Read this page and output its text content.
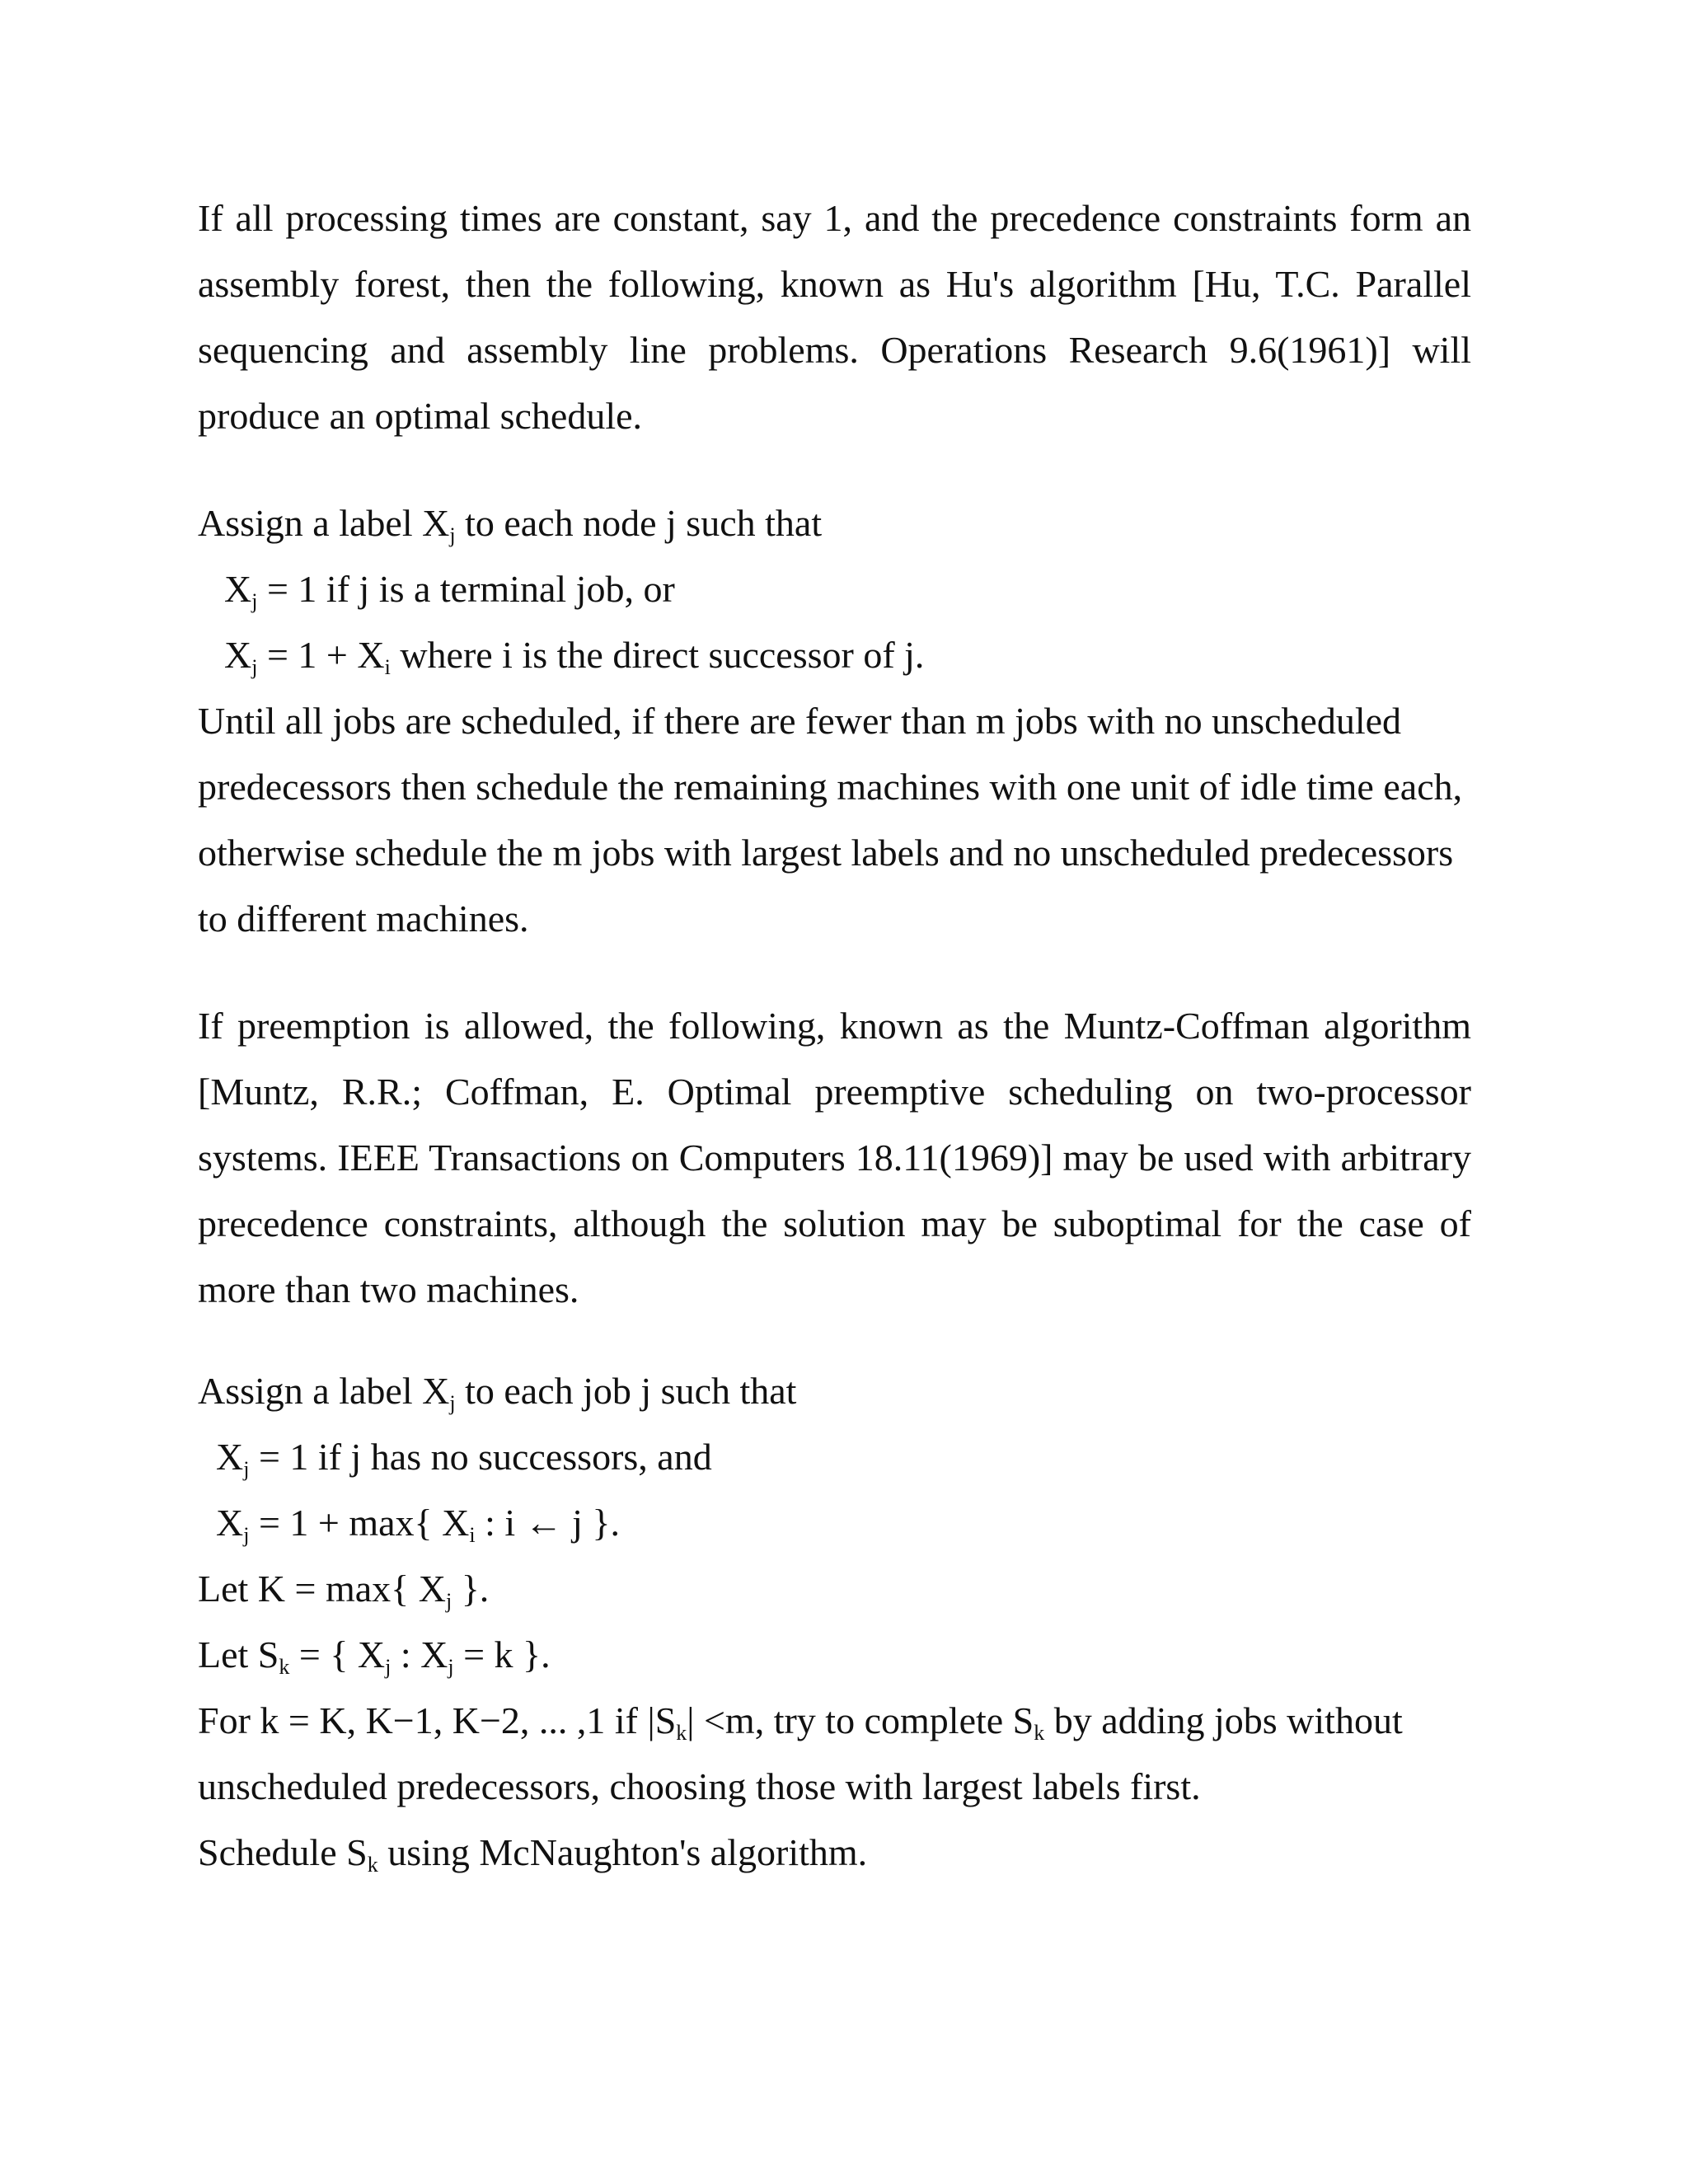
If all processing times are constant, say 1, and the precedence constraints form an assembly forest, then the following, known as Hu's algorithm [Hu, T.C. Parallel sequencing and assembly line problems. Operations Research 9.6(1961)] will produce an optimal schedule.

Assign a label $X_j$ to each node j such that
$X_j = 1$ if j is a terminal job, or
$X_j = 1 + X_i$ where i is the direct successor of j.

Until all jobs are scheduled, if there are fewer than m jobs with no unscheduled predecessors then schedule the remaining machines with one unit of idle time each, otherwise schedule the m jobs with largest labels and no unscheduled predecessors to different machines.

If preemption is allowed, the following, known as the Muntz-Coffman algorithm [Muntz, R.R.; Coffman, E. Optimal preemptive scheduling on two-processor systems. IEEE Transactions on Computers 18.11(1969)] may be used with arbitrary precedence constraints, although the solution may be suboptimal for the case of more than two machines.

Assign a label $X_j$ to each job j such that
$X_j = 1$ if j has no successors, and
$X_j = 1 + \max${ $X_i$ : i ← j }.
Let K = max{ $X_j$ }.
Let $S_k$ = { $X_j$ : $X_j = k$ }.
For k = K, K−1, K−2, ... ,1 if $|S_k| <m$, try to complete $S_k$ by adding jobs without
unscheduled predecessors, choosing those with largest labels first.
Schedule $S_k$ using McNaughton's algorithm.
